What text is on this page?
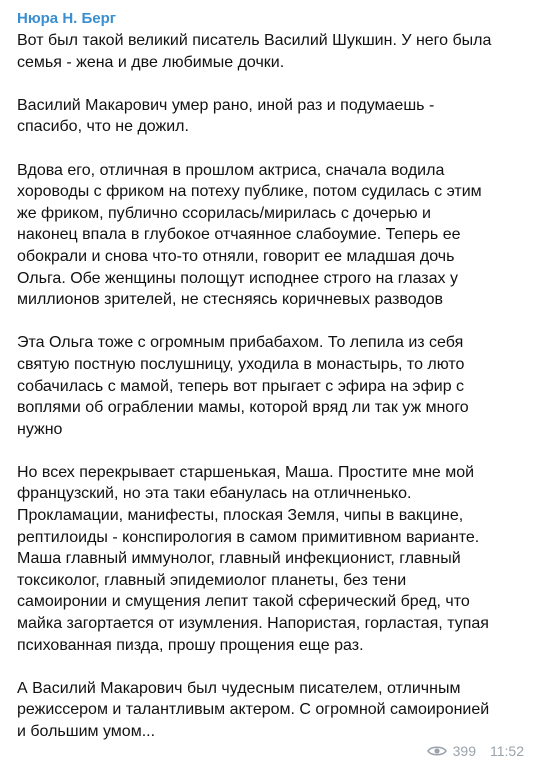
Нюра Н. Берг
Вот был такой великий писатель Василий Шукшин. У него была
семья - жена и две любимые дочки.
Василий Макарович умер рано, иной раз и подумаешь -
спасибо, что не дожил.
Вдова его, отличная в прошлом актриса, сначала водила
хороводы с фриком на потеху публике, потом судилась с этим
же фриком, публично ссорилась/мирилась с дочерью и
наконец впала в глубокое отчаянное слабоумие. Теперь ее
обокрали и снова что-то отняли, говорит ее младшая дочь
Ольга. Обе женщины полощут исподнее строго на глазах у
миллионов зрителей, не стесняясь коричневых разводов
Эта Ольга тоже с огромным прибабахом. То лепила из себя
святую постную послушницу, уходила в монастырь, то люто
собачилась с мамой, теперь вот прыгает с эфира на эфир с
воплями об ограблении мамы, которой вряд ли так уж много
нужно
Но всех перекрывает старшенькая, Маша. Простите мне мой
французский, но эта таки ебанулась на отличненько.
Прокламации, манифесты, плоская Земля, чипы в вакцине,
рептилоиды - конспирология в самом примитивном варианте.
Маша главный иммунолог, главный инфекционист, главный
токсиколог, главный эпидемиолог планеты, без тени
самоиронии и смущения лепит такой сферический бред, что
майка загортается от изумления. Напористая, горластая, тупая
психованная пизда, прошу прощения еще раз.
А Василий Макарович был чудесным писателем, отличным
режиссером и талантливым актером. С огромной самоиронией
и большим умом...
399 11:52
